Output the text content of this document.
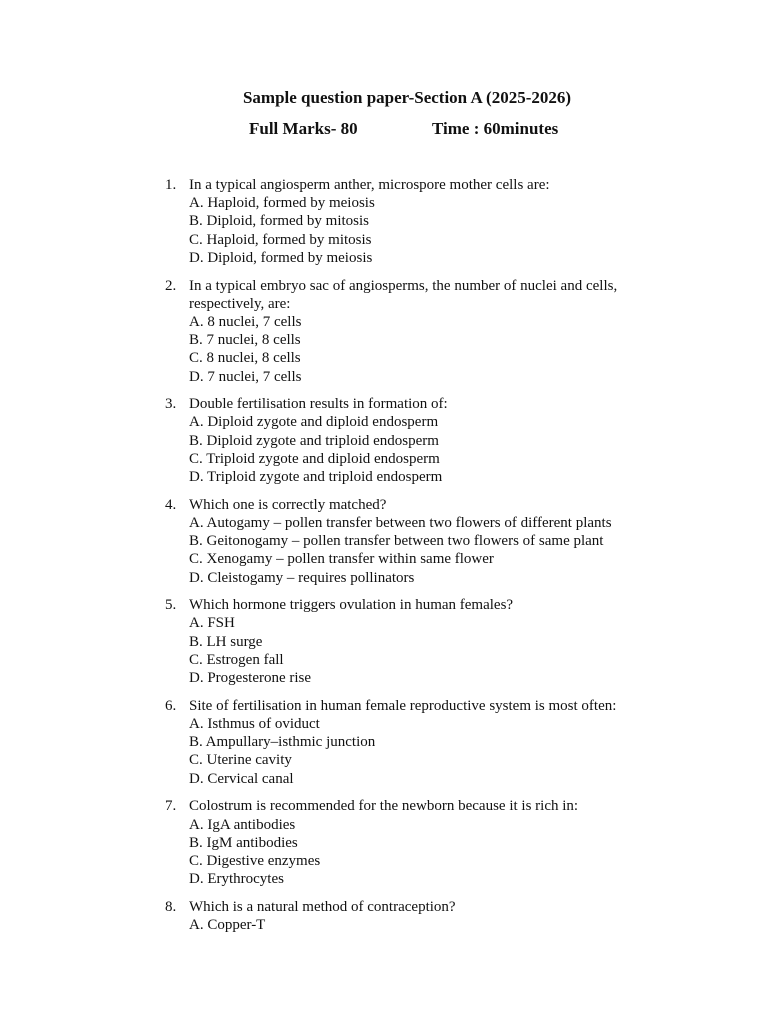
Sample question paper-Section A (2025-2026)
Full Marks- 80	Time : 60minutes
1. In a typical angiosperm anther, microspore mother cells are:
A. Haploid, formed by meiosis
B. Diploid, formed by mitosis
C. Haploid, formed by mitosis
D. Diploid, formed by meiosis
2. In a typical embryo sac of angiosperms, the number of nuclei and cells, respectively, are:
A. 8 nuclei, 7 cells
B. 7 nuclei, 8 cells
C. 8 nuclei, 8 cells
D. 7 nuclei, 7 cells
3. Double fertilisation results in formation of:
A. Diploid zygote and diploid endosperm
B. Diploid zygote and triploid endosperm
C. Triploid zygote and diploid endosperm
D. Triploid zygote and triploid endosperm
4. Which one is correctly matched?
A. Autogamy – pollen transfer between two flowers of different plants
B. Geitonogamy – pollen transfer between two flowers of same plant
C. Xenogamy – pollen transfer within same flower
D. Cleistogamy – requires pollinators
5. Which hormone triggers ovulation in human females?
A. FSH
B. LH surge
C. Estrogen fall
D. Progesterone rise
6. Site of fertilisation in human female reproductive system is most often:
A. Isthmus of oviduct
B. Ampullary–isthmic junction
C. Uterine cavity
D. Cervical canal
7. Colostrum is recommended for the newborn because it is rich in:
A. IgA antibodies
B. IgM antibodies
C. Digestive enzymes
D. Erythrocytes
8. Which is a natural method of contraception?
A. Copper-T
